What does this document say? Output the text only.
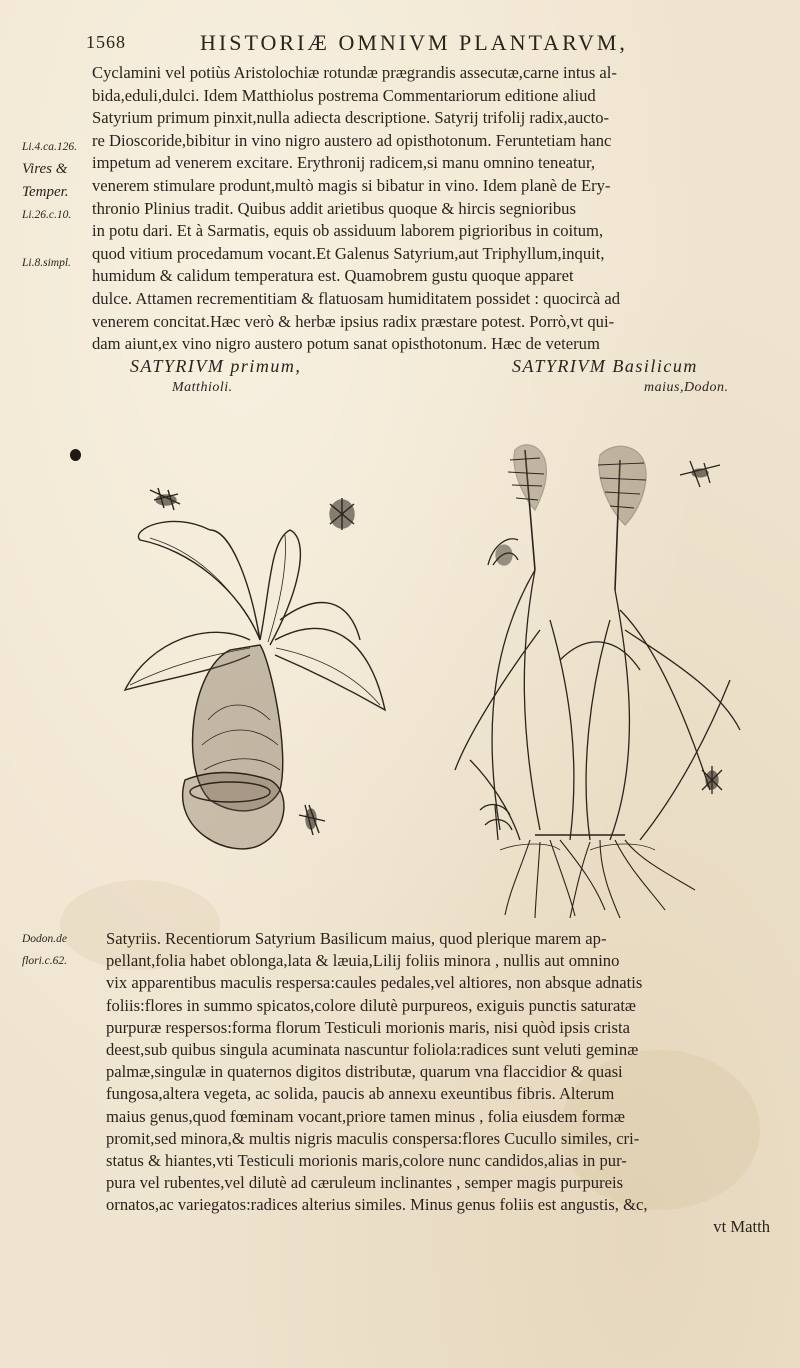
1568	HISTORIÆ OMNIVM PLANTARVM,
Li.4.ca.126.
Vires &
Temper.
Li.26.c.10.
Li.8.simpl.
Dodon.de
flori.c.62.
Cyclamini vel potiùs Aristolochiæ rotundæ prægrandis assecutæ,carne intus al-
bida,eduli,dulci. Idem Matthiolus postrema Commentariorum editione aliud
Satyrium primum pinxit,nulla adiecta descriptione. Satyrij trifolij radix,aucto-
re Dioscoride,bibitur in vino nigro austero ad opisthotonum. Feruntetiam hanc
impetum ad venerem excitare. Erythronij radicem,si manu omnino teneatur,
venerem stimulare produnt,multò magis si bibatur in vino. Idem planè de Ery-
thronio Plinius tradit. Quibus addit arietibus quoque & hircis segnioribus
in potu dari. Et à Sarmatis, equis ob assiduum laborem pigrioribus in coitum,
quod vitium procedamum vocant.Et Galenus Satyrium,aut Triphyllum,inquit,
humidum & calidum temperatura est. Quamobrem gustu quoque apparet
dulce. Attamen recrementitiam & flatuosam humiditatem possidet : quocircà ad
venerem concitat.Hæc verò & herbæ ipsius radix præstare potest. Porrò,vt qui-
dam aiunt,ex vino nigro austero potum sanat opisthotonum. Hæc de veterum
SATYRIVM primum,
Matthioli.
SATYRIVM Basilicum
maius,Dodon.
Satyriis. Recentiorum Satyrium Basilicum maius, quod plerique marem ap-
pellant,folia habet oblonga,lata & læuia,Lilij foliis minora , nullis aut omnino
vix apparentibus maculis respersa:caules pedales,vel altiores, non absque adnatis
foliis:flores in summo spicatos,colore dilutè purpureos, exiguis punctis saturatæ
purpuræ respersos:forma florum Testiculi morionis maris, nisi quòd ipsis crista
deest,sub quibus singula acuminata nascuntur foliola:radices sunt veluti geminæ
palmæ,singulæ in quaternos digitos distributæ, quarum vna flaccidior & quasi
fungosa,altera vegeta, ac solida, paucis ab annexu exeuntibus fibris. Alterum
maius genus,quod fœminam vocant,priore tamen minus , folia eiusdem formæ
promit,sed minora,& multis nigris maculis conspersa:flores Cucullo similes, cri-
status & hiantes,vti Testiculi morionis maris,colore nunc candidos,alias in pur-
pura vel rubentes,vel dilutè ad cæruleum inclinantes , semper magis purpureis
ornatos,ac variegatos:radices alterius similes. Minus genus foliis est angustis, &c,
vt Matth
